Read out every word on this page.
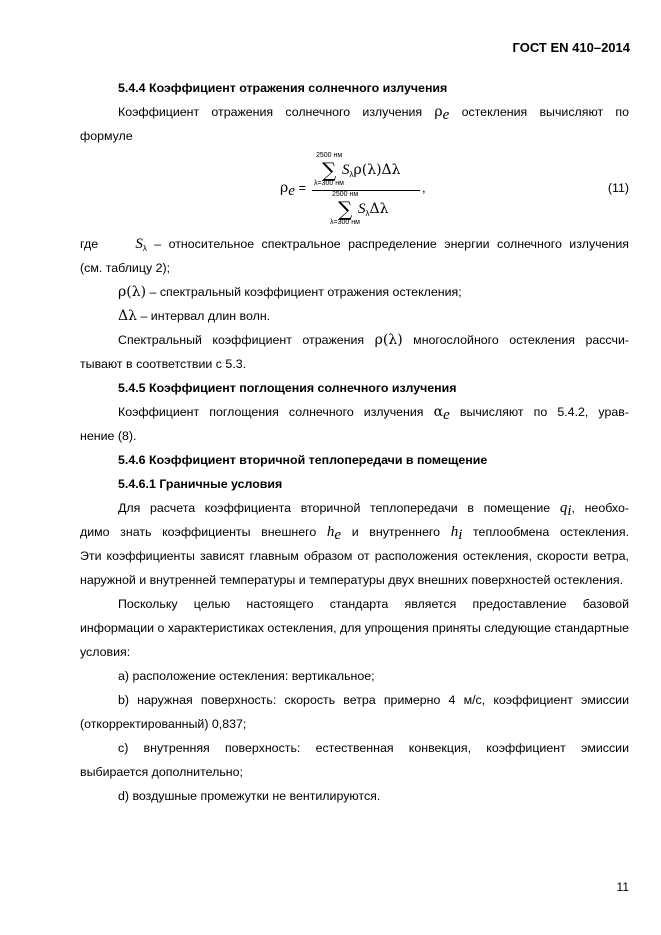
ГОСТ EN 410–2014

5.4.4 Коэффициент отражения солнечного излучения

Коэффициент отражения солнечного излучения $\rho_e$ остекления вычисляют по

формуле

$\rho_e$ =
2500 нм
∑
λ=300 нм
$S_\lambda\rho(\lambda)\Delta\lambda$
2500 нм
∑
λ=300 нм
$S_\lambda\Delta\lambda$
,	(11)

где $S_\lambda$ – относительное спектральное распределение энергии солнечного излучения

(см. таблицу 2);

ρ(λ) – спектральный коэффициент отражения остекления;

Δλ – интервал длин волн.

Спектральный коэффициент отражения ρ(λ) многослойного остекления рассчи-

тывают в соответствии с 5.3.

5.4.5 Коэффициент поглощения солнечного излучения

Коэффициент поглощения солнечного излучения $\alpha_e$ вычисляют по 5.4.2, урав-

нение (8).

5.4.6 Коэффициент вторичной теплопередачи в помещение

5.4.6.1 Граничные условия

Для расчета коэффициента вторичной теплопередачи в помещение $q_i$, необхо-

димо знать коэффициенты внешнего $h_e$ и внутреннего $h_i$ теплообмена остекления.

Эти коэффициенты зависят главным образом от расположения остекления, скорости ветра, наружной и внутренней температуры и температуры двух внешних поверхностей остекления.

Поскольку целью настоящего стандарта является предоставление базовой информации о характеристиках остекления, для упрощения приняты следующие стандартные условия:

а) расположение остекления: вертикальное;

b) наружная поверхность: скорость ветра примерно 4 м/с, коэффициент эмиссии (откорректированный) 0,837;

c) внутренняя поверхность: естественная конвекция, коэффициент эмиссии выбирается дополнительно;

d) воздушные промежутки не вентилируются.

11
